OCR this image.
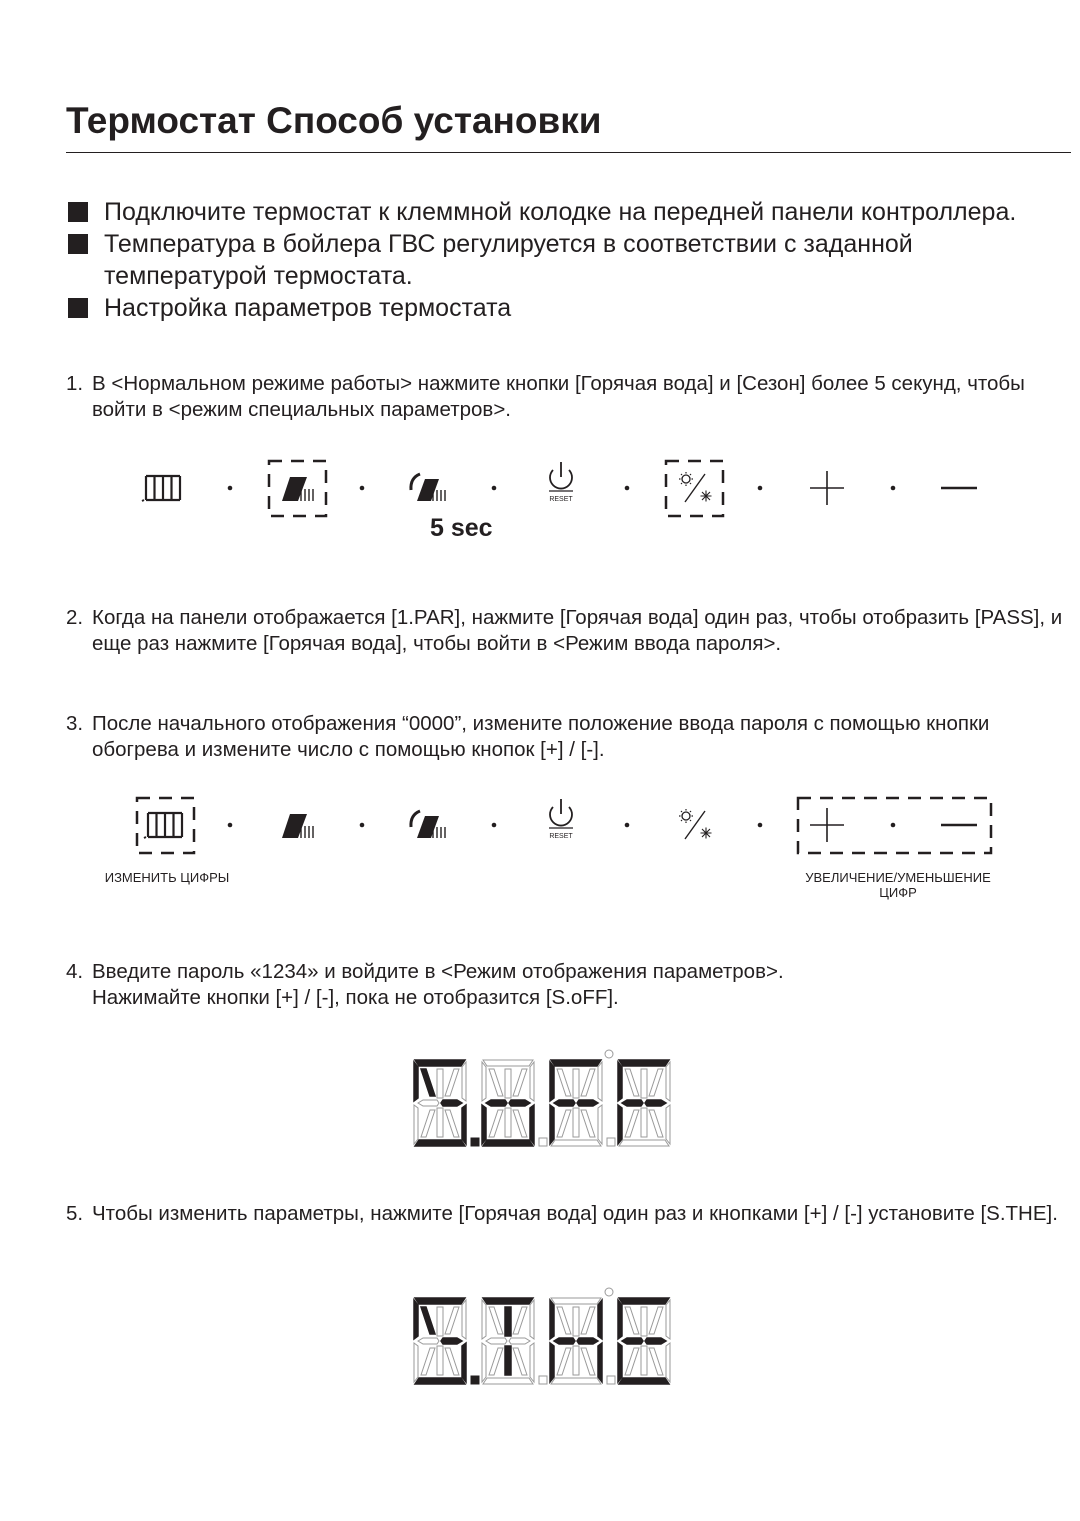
Термостат Способ установки
Подключите термостат к клеммной колодке на передней панели контроллера.
Температура в бойлера ГВС регулируется в соответствии с заданной температурой термостата.
Настройка параметров термостата
1. В <Нормальном режиме работы> нажмите кнопки [Горячая вода] и [Сезон] более 5 секунд, чтобы войти в <режим специальных параметров>.
2. Когда на панели отображается [1.PAR], нажмите [Горячая вода] один раз, чтобы отобразить [PASS], и еще раз нажмите [Горячая вода], чтобы войти в <Режим ввода пароля>.
3. После начального отображения “0000”, измените положение ввода пароля с помощью кнопки обогрева и измените число с помощью кнопок [+] / [-].
4. Введите пароль «1234» и войдите в <Режим отображения параметров>.
Нажимайте кнопки [+] / [-], пока не отобразится [S.oFF].
5. Чтобы изменить параметры, нажмите [Горячая вода] один раз и кнопками [+] / [-] установите [S.THE].
RESET
RESET
5 sec
ИЗМЕНИТЬ ЦИФРЫ	УВЕЛИЧЕНИЕ/УМЕНЬШЕНИЕ
ЦИФР
